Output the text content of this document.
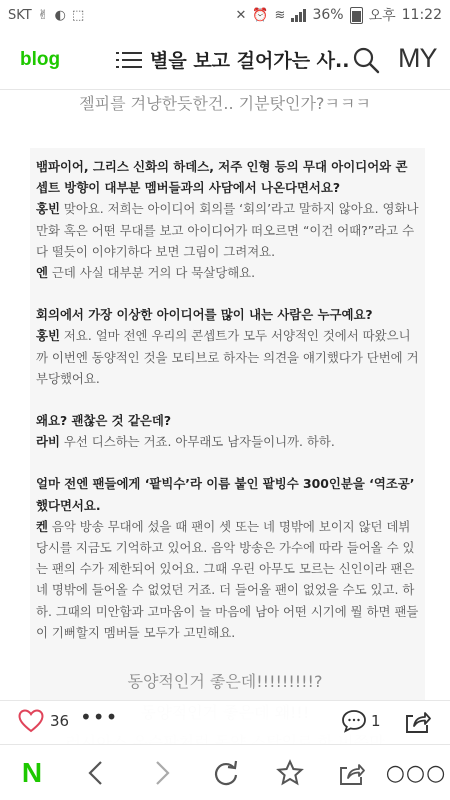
SKT ✌ ◐ ⬚	✕ ⏰ ≋ 36% 오후 11:22
blog	별을 보고 걸어가는 사..	MY
젤피를 겨냥한듯한건.. 기분탓인가?ㅋㅋㅋ
뱀파이어, 그리스 신화의 하데스, 저주 인형 등의 무대 아이디어와 콘셉트 방향이 대부분 멤버들과의 사담에서 나온다면서요?
홍빈 맞아요. 저희는 아이디어 회의를 ‘회의’라고 말하지 않아요. 영화나 만화 혹은 어떤 무대를 보고 아이디어가 떠오르면 “이건 어때?”라고 수다 떨듯이 이야기하다 보면 그림이 그려져요.
엔 근데 사실 대부분 거의 다 묵살당해요.
회의에서 가장 이상한 아이디어를 많이 내는 사람은 누구예요?
홍빈 저요. 얼마 전엔 우리의 콘셉트가 모두 서양적인 것에서 따왔으니까 이번엔 동양적인 것을 모티브로 하자는 의견을 얘기했다가 단번에 거부당했어요.
왜요? 괜찮은 것 같은데?
라비 우선 디스하는 거죠. 아무래도 남자들이니까. 하하.
얼마 전엔 팬들에게 ‘팥빅수’라 이름 붙인 팥빙수 300인분을 ‘역조공’ 했다면서요.
켄 음악 방송 무대에 섰을 때 팬이 셋 또는 네 명밖에 보이지 않던 데뷔 당시를 지금도 기억하고 있어요. 음악 방송은 가수에 따라 들어올 수 있는 팬의 수가 제한되어 있어요. 그때 우린 아무도 모르는 신인이라 팬은 네 명밖에 들어올 수 없었던 거죠. 더 들어올 팬이 없었을 수도 있고. 하하. 그때의 미안함과 고마움이 늘 마음에 남아 어떤 시기에 뭘 하면 팬들이 기뻐할지 멤버들 모두가 고민해요.
동양적인거 좋은데!!!!!!!!!?
36 •••	1
N	○○○
